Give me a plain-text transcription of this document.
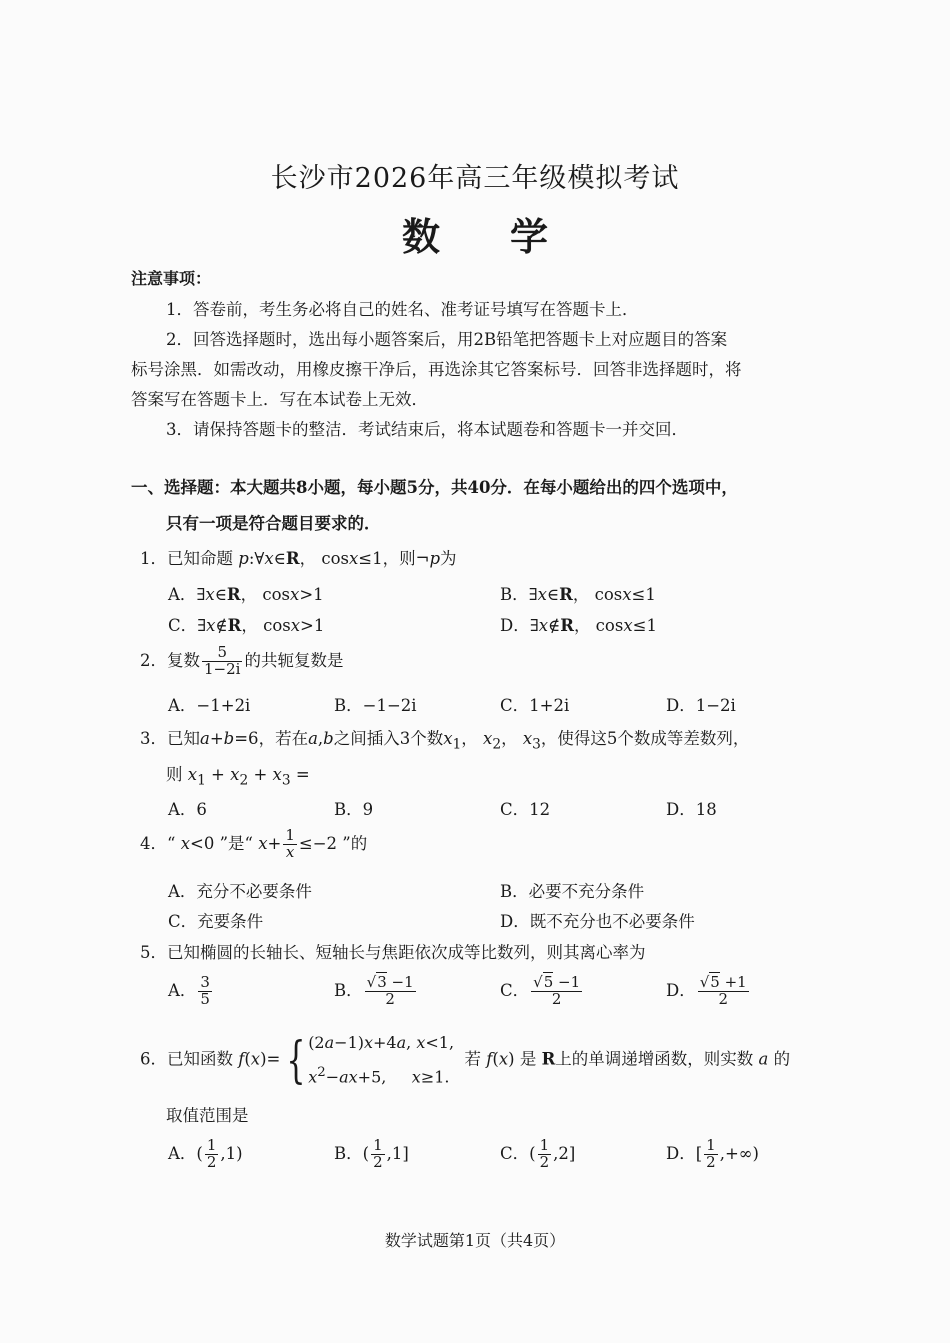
长沙市2026年高三年级模拟考试
数学
注意事项：
1．答卷前，考生务必将自己的姓名、准考证号填写在答题卡上．
2．回答选择题时，选出每小题答案后，用2B铅笔把答题卡上对应题目的答案
标号涂黑．如需改动，用橡皮擦干净后，再选涂其它答案标号．回答非选择题时，将
答案写在答题卡上．写在本试卷上无效．
3．请保持答题卡的整洁．考试结束后，将本试题卷和答题卡一并交回．
一、选择题：本大题共8小题，每小题5分，共40分．在每小题给出的四个选项中，
只有一项是符合题目要求的．
1．已知命题 p:∀x∈R， cosx≤1，则¬p为
A．∃x∈R， cosx>1	B．∃x∈R， cosx≤1
C．∃x∉R， cosx>1	D．∃x∉R， cosx≤1
2．复数 $\frac{5}{1-2i}$ 的共轭复数是
A．−1+2i	B．−1−2i	C．1+2i	D．1−2i
3．已知a+b=6，若在a,b之间插入3个数$x_1$， $x_2$， $x_3$，使得这5个数成等差数列，
则 $x_1 + x_2 + x_3$ =
A．6	B．9	C．12	D．18
4．“ x<0 ”是“ $x+ \frac{1}{x} \le-2$ ”的
A．充分不必要条件	B．必要不充分条件
C．充要条件	D．既不充分也不必要条件
5．已知椭圆的长轴长、短轴长与焦距依次成等比数列，则其离心率为
A． $\frac{3}{5}$	B． $\frac{√3 -1}{2}$	C． $\frac{√5 -1}{2}$	D． $\frac{√5 +1}{2}$
6．已知函数 f(x)= { (2a−1)x+4a, x<1,
$x^2-ax+5$,     x≥1.  若 f(x) 是 R上的单调递增函数，则实数 a 的
取值范围是
A．( $\frac{1}{2} ,1$)	B．( $\frac{1}{2} ,1$]	C．( $\frac{1}{2} ,2$]	D．[ $\frac{1}{2}$ ,+∞)
数学试题第1页（共4页）
